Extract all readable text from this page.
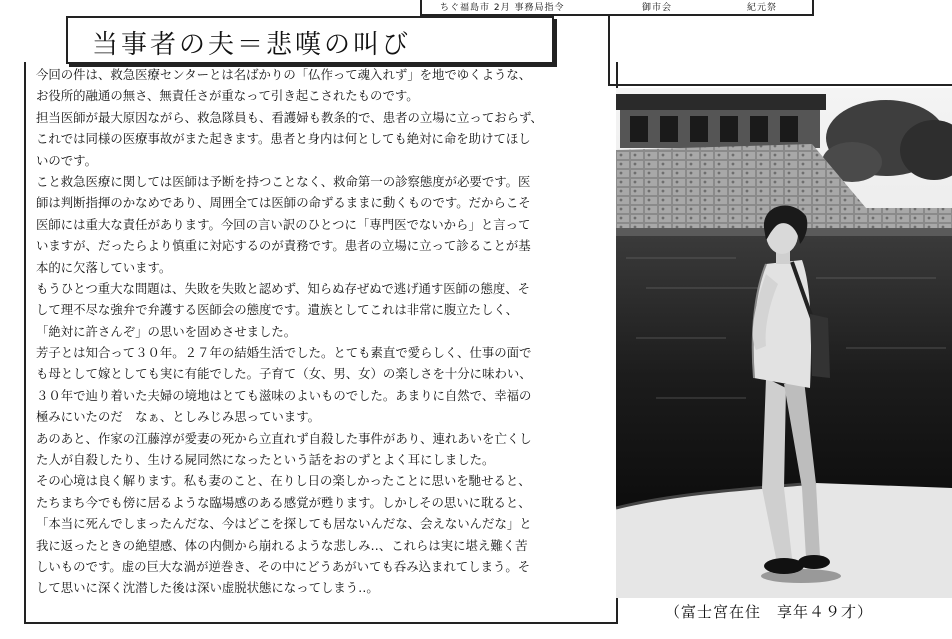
ちぐ福島市 2月 事務局指令	御市会	紀元祭
当事者の夫＝悲嘆の叫び
今回の件は、救急医療センターとは名ばかりの「仏作って魂入れず」を地でゆくような、
お役所的融通の無さ、無責任さが重なって引き起こされたものです。
担当医師が最大原因ながら、救急隊員も、看護婦も教条的で、患者の立場に立っておらず、
これでは同様の医療事故がまた起きます。患者と身内は何としても絶対に命を助けてほし
いのです。
こと救急医療に関しては医師は予断を持つことなく、救命第一の診察態度が必要です。医
師は判断指揮のかなめであり、周囲全ては医師の命ずるままに動くものです。だからこそ
医師には重大な責任があります。今回の言い訳のひとつに「専門医でないから」と言って
いますが、だったらより慎重に対応するのが責務です。患者の立場に立って診ることが基
本的に欠落しています。
もうひとつ重大な問題は、失敗を失敗と認めず、知らぬ存ぜぬで逃げ通す医師の態度、そ
して理不尽な強弁で弁護する医師会の態度です。遺族としてこれは非常に腹立たしく、
「絶対に許さんぞ」の思いを固めさせました。
芳子とは知合って３０年。２７年の結婚生活でした。とても素直で愛らしく、仕事の面で
も母として嫁としても実に有能でした。子育て（女、男、女）の楽しさを十分に味わい、
３０年で辿り着いた夫婦の境地はとても滋味のよいものでした。あまりに自然で、幸福の
極みにいたのだ　なぁ、としみじみ思っています。
あのあと、作家の江藤淳が愛妻の死から立直れず自殺した事件があり、連れあいを亡くし
た人が自殺したり、生ける屍同然になったという話をおのずとよく耳にしました。
その心境は良く解ります。私も妻のこと、在りし日の楽しかったことに思いを馳せると、
たちまち今でも傍に居るような臨場感のある感覚が甦ります。しかしその思いに耽ると、
「本当に死んでしまったんだな、今はどこを探しても居ないんだな、会えないんだな」と
我に返ったときの絶望感、体の内側から崩れるような悲しみ‥、これらは実に堪え難く苦
しいものです。虚の巨大な渦が逆巻き、その中にどうあがいても呑み込まれてしまう。そ
して思いに深く沈潜した後は深い虚脱状態になってしまう‥。
（富士宮在住　享年４９才）
